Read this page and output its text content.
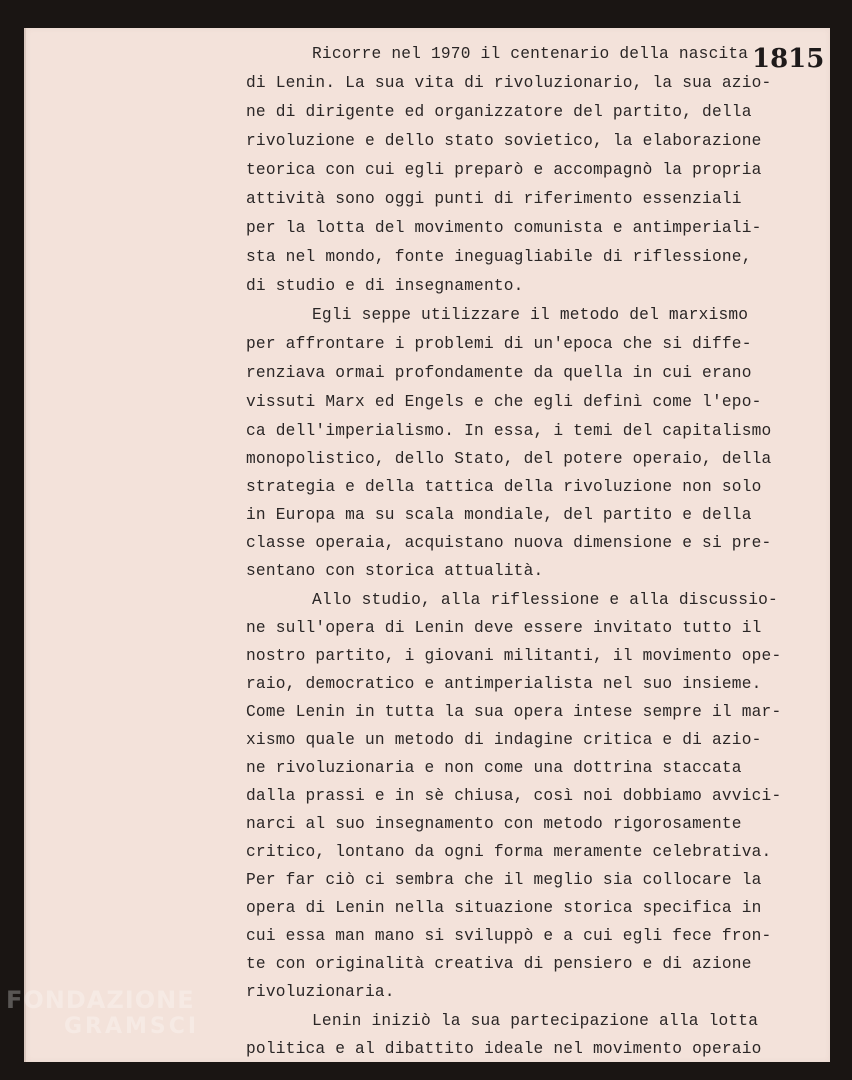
1815
Ricorre nel 1970 il centenario della nascita
di Lenin. La sua vita di rivoluzionario, la sua azio-
ne di dirigente ed organizzatore del partito, della
rivoluzione e dello stato sovietico, la elaborazione
teorica con cui egli preparò e accompagnò la propria
attività sono oggi punti di riferimento essenziali
per la lotta del movimento comunista e antimperiali-
sta nel mondo, fonte ineguagliabile di riflessione,
di studio e di insegnamento.
Egli seppe utilizzare il metodo del marxismo
per affrontare i problemi di un'epoca che si diffe-
renziava ormai profondamente da quella in cui erano
vissuti Marx ed Engels e che egli definì come l'epo-
ca dell'imperialismo. In essa, i temi del capitalismo
monopolistico, dello Stato, del potere operaio, della
strategia e della tattica della rivoluzione non solo
in Europa ma su scala mondiale, del partito e della
classe operaia, acquistano nuova dimensione e si pre-
sentano con storica attualità.
Allo studio, alla riflessione e alla discussio-
ne sull'opera di Lenin deve essere invitato tutto il
nostro partito, i giovani militanti, il movimento ope-
raio, democratico e antimperialista nel suo insieme.
Come Lenin in tutta la sua opera intese sempre il mar-
xismo quale un metodo di indagine critica e di azio-
ne rivoluzionaria e non come una dottrina staccata
dalla prassi e in sè chiusa, così noi dobbiamo avvici-
narci al suo insegnamento con metodo rigorosamente
critico, lontano da ogni forma meramente celebrativa.
Per far ciò ci sembra che il meglio sia collocare la
opera di Lenin nella situazione storica specifica in
cui essa man mano si sviluppò e a cui egli fece fron-
te con originalità creativa di pensiero e di azione
rivoluzionaria.
Lenin iniziò la sua partecipazione alla lotta
politica e al dibattito ideale nel movimento operaio
FONDAZIONE
GRAMSCI
